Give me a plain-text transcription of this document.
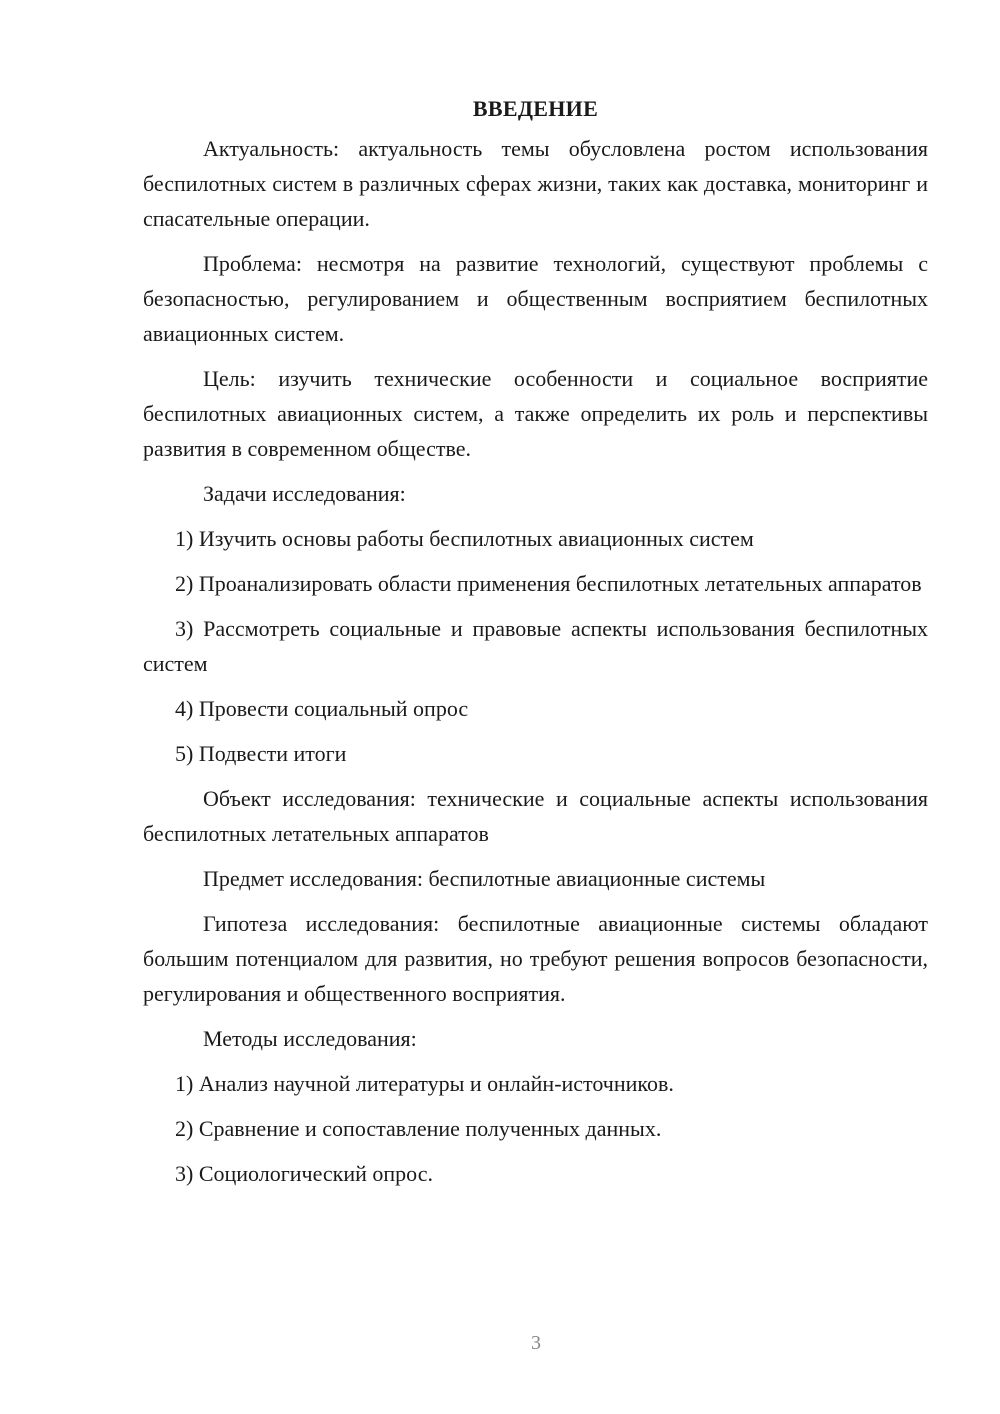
ВВЕДЕНИЕ
Актуальность: актуальность темы обусловлена ростом использования беспилотных систем в различных сферах жизни, таких как доставка, мониторинг и спасательные операции.
Проблема: несмотря на развитие технологий, существуют проблемы с безопасностью, регулированием и общественным восприятием беспилотных авиационных систем.
Цель: изучить технические особенности и социальное восприятие беспилотных авиационных систем, а также определить их роль и перспективы развития в современном обществе.
Задачи исследования:
1) Изучить основы работы беспилотных авиационных систем
2) Проанализировать области применения беспилотных летательных аппаратов
3) Рассмотреть социальные и правовые аспекты использования беспилотных систем
4) Провести социальный опрос
5) Подвести итоги
Объект исследования: технические и социальные аспекты использования беспилотных летательных аппаратов
Предмет исследования: беспилотные авиационные системы
Гипотеза исследования: беспилотные авиационные системы обладают большим потенциалом для развития, но требуют решения вопросов безопасности, регулирования и общественного восприятия.
Методы исследования:
1) Анализ научной литературы и онлайн-источников.
2) Сравнение и сопоставление полученных данных.
3) Социологический опрос.
3
